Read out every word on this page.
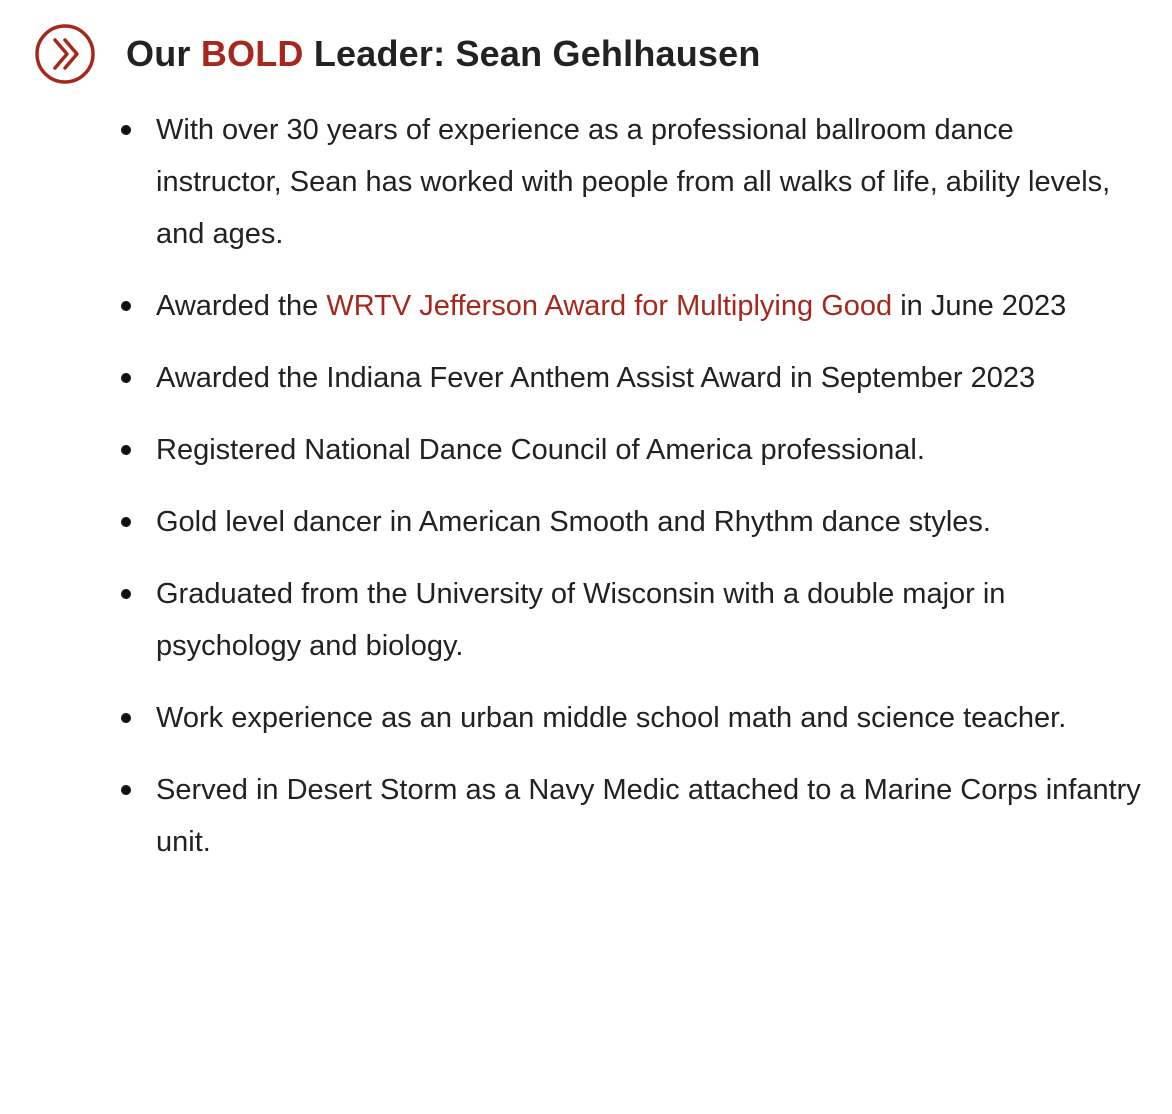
Our BOLD Leader: Sean Gehlhausen
With over 30 years of experience as a professional ballroom dance instructor, Sean has worked with people from all walks of life, ability levels, and ages.
Awarded the WRTV Jefferson Award for Multiplying Good in June 2023
Awarded the Indiana Fever Anthem Assist Award in September 2023
Registered National Dance Council of America professional.
Gold level dancer in American Smooth and Rhythm dance styles.
Graduated from the University of Wisconsin with a double major in psychology and biology.
Work experience as an urban middle school math and science teacher.
Served in Desert Storm as a Navy Medic attached to a Marine Corps infantry unit.
